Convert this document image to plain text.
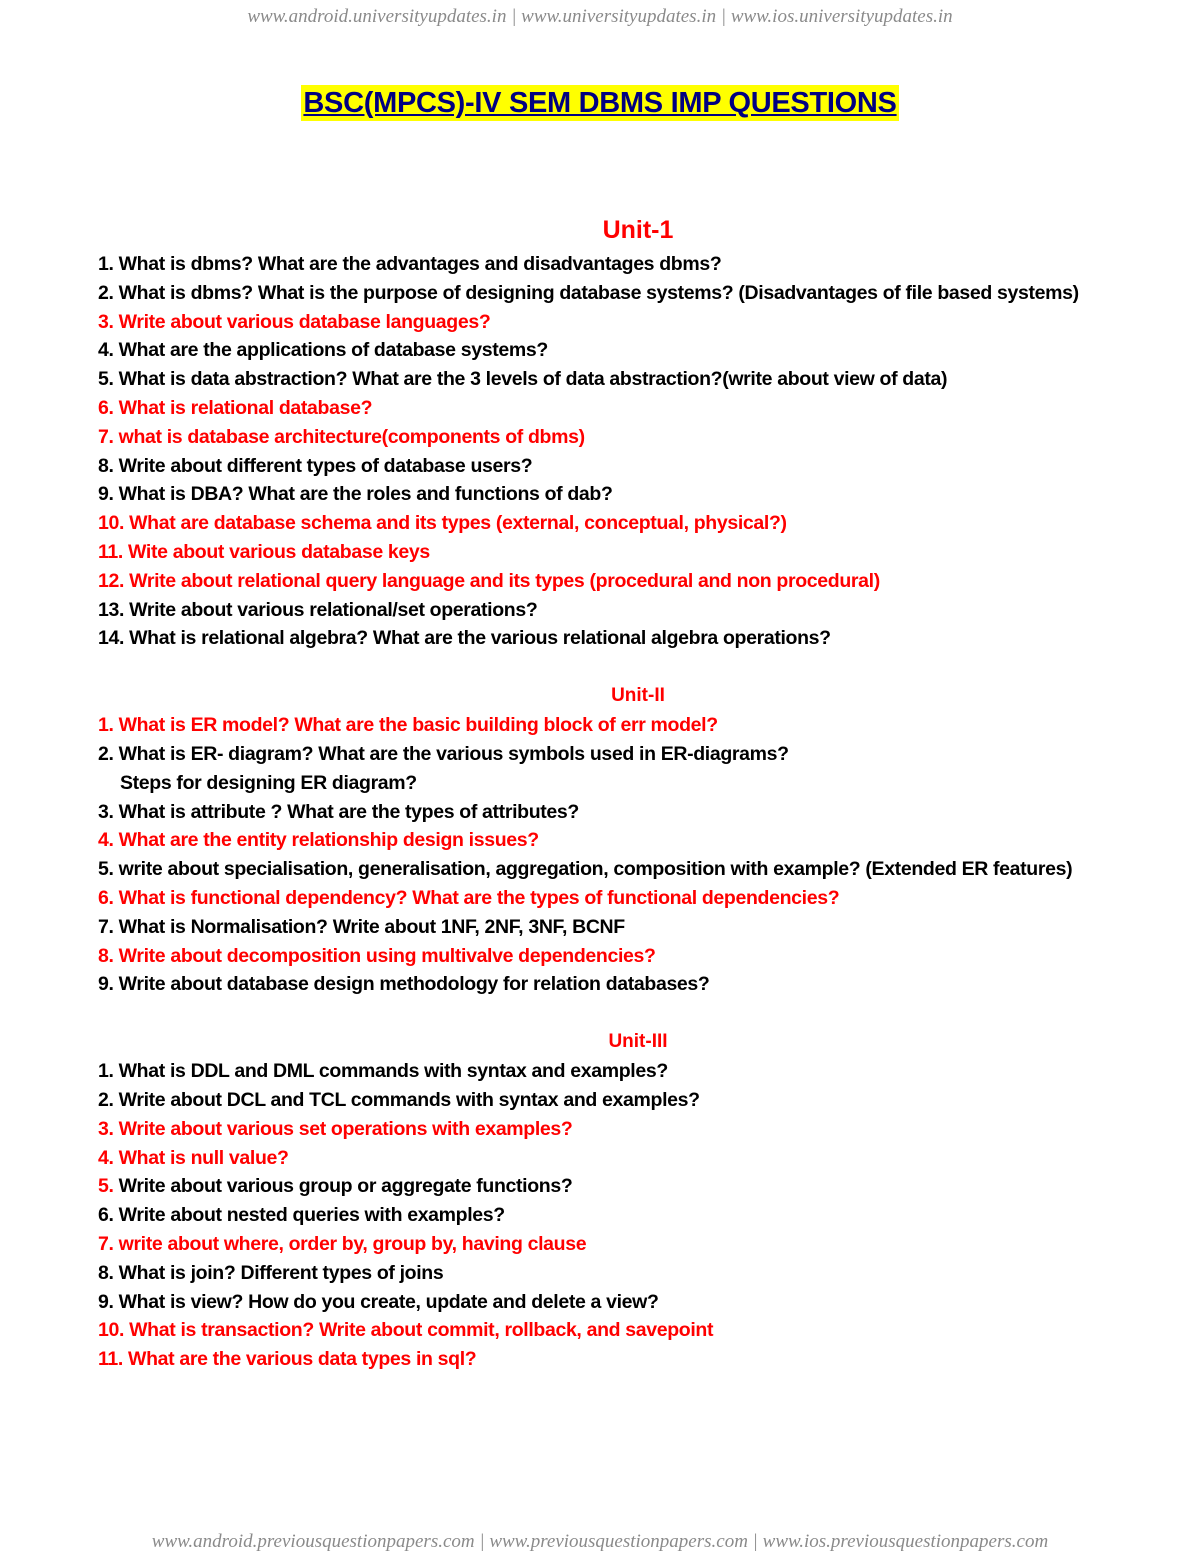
www.android.universityupdates.in | www.universityupdates.in | www.ios.universityupdates.in
BSC(MPCS)-IV SEM DBMS IMP QUESTIONS
Unit-1
1. What is dbms? What are the advantages and disadvantages dbms?
2. What is dbms? What is the purpose of designing database systems? (Disadvantages of file based systems)
3. Write about various database languages?
4. What are the applications of database systems?
5. What is data abstraction? What are the 3 levels of data abstraction?(write about view of data)
6. What is relational database?
7. what is database architecture(components of dbms)
8. Write about different types of database users?
9. What is DBA? What are the roles and functions of dab?
10. What are database schema and its types (external, conceptual, physical?)
11. Wite about various database keys
12. Write about relational query language and its types (procedural and non procedural)
13. Write about various relational/set operations?
14. What is relational algebra? What are the various relational algebra operations?
Unit-II
1. What is ER model? What are the basic building block of err model?
2. What is ER- diagram? What are the various symbols used in ER-diagrams?
Steps for designing ER diagram?
3. What is attribute ? What are the types of attributes?
4. What are the entity relationship design issues?
5. write about specialisation, generalisation, aggregation, composition with example? (Extended ER features)
6. What is functional dependency? What are the types of functional dependencies?
7. What is Normalisation? Write about 1NF, 2NF, 3NF, BCNF
8. Write about decomposition using multivalve dependencies?
9. Write about database design methodology for relation databases?
Unit-III
1. What is DDL and DML commands with syntax and examples?
2. Write about DCL and TCL commands with syntax and examples?
3. Write about various set operations with examples?
4. What is null value?
5. Write about various group or aggregate functions?
6. Write about nested queries with examples?
7. write about where, order by, group by, having clause
8. What is join? Different types of joins
9. What is view? How do you create, update and delete a view?
10. What is transaction? Write about commit, rollback, and savepoint
11. What are the various data types in sql?
www.android.previousquestionpapers.com | www.previousquestionpapers.com | www.ios.previousquestionpapers.com
